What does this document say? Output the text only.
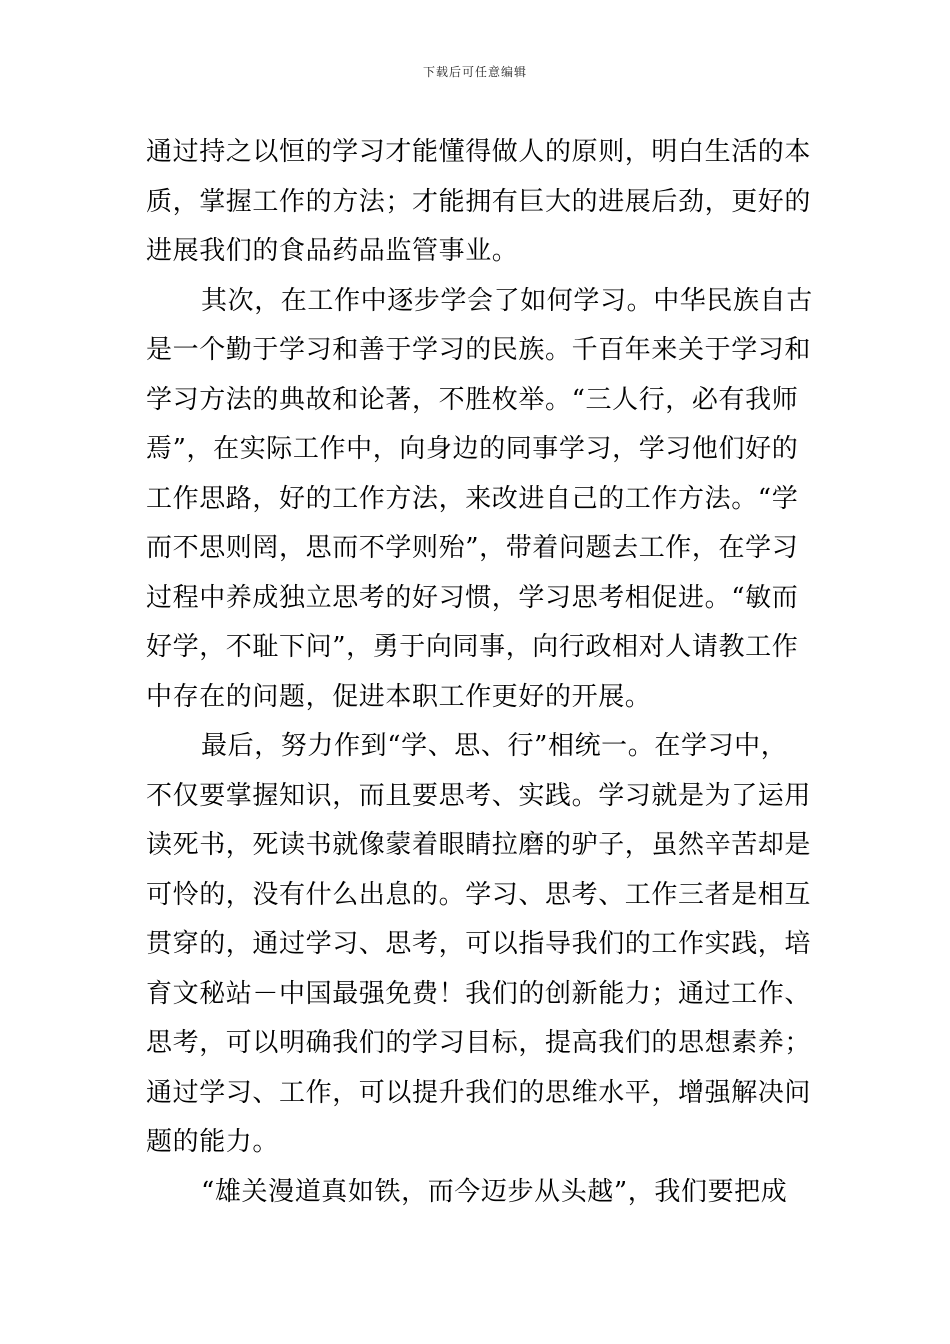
下载后可任意编辑
通过持之以恒的学习才能懂得做人的原则，明白生活的本
质，掌握工作的方法；才能拥有巨大的进展后劲，更好的
进展我们的食品药品监管事业。
其次，在工作中逐步学会了如何学习。中华民族自古
是一个勤于学习和善于学习的民族。千百年来关于学习和
学习方法的典故和论著，不胜枚举。“三人行，必有我师
焉”，在实际工作中，向身边的同事学习，学习他们好的
工作思路，好的工作方法，来改进自己的工作方法。“学
而不思则罔，思而不学则殆”，带着问题去工作，在学习
过程中养成独立思考的好习惯，学习思考相促进。“敏而
好学，不耻下问”，勇于向同事，向行政相对人请教工作
中存在的问题，促进本职工作更好的开展。
最后，努力作到“学、思、行”相统一。在学习中，
不仅要掌握知识，而且要思考、实践。学习就是为了运用
读死书，死读书就像蒙着眼睛拉磨的驴子，虽然辛苦却是
可怜的，没有什么出息的。学习、思考、工作三者是相互
贯穿的，通过学习、思考，可以指导我们的工作实践，培
育文秘站－中国最强免费！我们的创新能力；通过工作、
思考，可以明确我们的学习目标，提高我们的思想素养；
通过学习、工作，可以提升我们的思维水平，增强解决问
题的能力。
“雄关漫道真如铁，而今迈步从头越”，我们要把成
